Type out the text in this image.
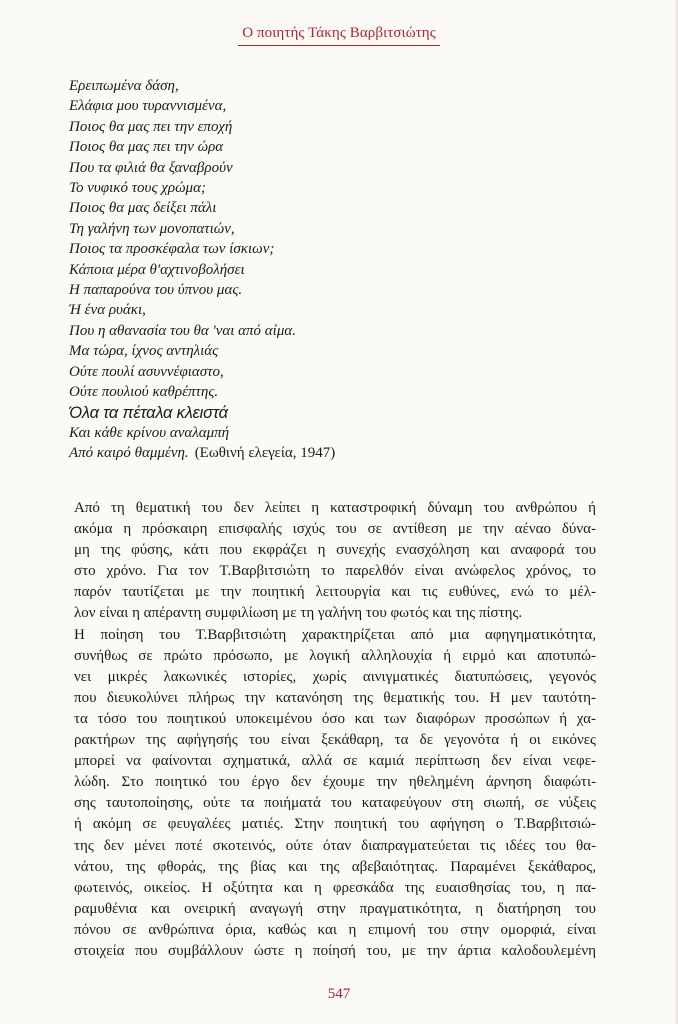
Ο ποιητής Τάκης Βαρβιτσιώτης
Ερειπωμένα δάση,
Ελάφια μου τυραννισμένα,
Ποιος θα μας πει την εποχή
Ποιος θα μας πει την ώρα
Που τα φιλιά θα ξαναβρούν
Το νυφικό τους χρώμα;
Ποιος θα μας δείξει πάλι
Τη γαλήνη των μονοπατιών,
Ποιος τα προσκέφαλα των ίσκιων;
Κάποια μέρα θ'αχτινοβολήσει
Η παπαρούνα του ύπνου μας.
Ή ένα ρυάκι,
Που η αθανασία του θα 'ναι από αίμα.
Μα τώρα, ίχνος αντηλιάς
Ούτε πουλί ασυννέφιαστο,
Ούτε πουλιού καθρέπτης.
Όλα τα πέταλα κλειστά
Και κάθε κρίνου αναλαμπή
Από καιρό θαμμένη. (Εωθινή ελεγεία, 1947)
Από τη θεματική του δεν λείπει η καταστροφική δύναμη του ανθρώπου ή
ακόμα η πρόσκαιρη επισφαλής ισχύς του σε αντίθεση με την αέναο δύνα-
μη της φύσης, κάτι που εκφράζει η συνεχής ενασχόληση και αναφορά του
στο χρόνο. Για τον Τ.Βαρβιτσιώτη το παρελθόν είναι ανώφελος χρόνος, το
παρόν ταυτίζεται με την ποιητική λειτουργία και τις ευθύνες, ενώ το μέλ-
λον είναι η απέραντη συμφιλίωση με τη γαλήνη του φωτός και της πίστης.
Η ποίηση του Τ.Βαρβιτσιώτη χαρακτηρίζεται από μια αφηγηματικότητα,
συνήθως σε πρώτο πρόσωπο, με λογική αλληλουχία ή ειρμό και αποτυπώ-
νει μικρές λακωνικές ιστορίες, χωρίς αινιγματικές διατυπώσεις, γεγονός
που διευκολύνει πλήρως την κατανόηση της θεματικής του. Η μεν ταυτότη-
τα τόσο του ποιητικού υποκειμένου όσο και των διαφόρων προσώπων ή χα-
ρακτήρων της αφήγησής του είναι ξεκάθαρη, τα δε γεγονότα ή οι εικόνες
μπορεί να φαίνονται σχηματικά, αλλά σε καμιά περίπτωση δεν είναι νεφε-
λώδη. Στο ποιητικό του έργο δεν έχουμε την ηθελημένη άρνηση διαφώτι-
σης ταυτοποίησης, ούτε τα ποιήματά του καταφεύγουν στη σιωπή, σε νύξεις
ή ακόμη σε φευγαλέες ματιές. Στην ποιητική του αφήγηση ο Τ.Βαρβιτσιώ-
της δεν μένει ποτέ σκοτεινός, ούτε όταν διαπραγματεύεται τις ιδέες του θα-
νάτου, της φθοράς, της βίας και της αβεβαιότητας. Παραμένει ξεκάθαρος,
φωτεινός, οικείος. Η οξύτητα και η φρεσκάδα της ευαισθησίας του, η πα-
ραμυθένια και ονειρική αναγωγή στην πραγματικότητα, η διατήρηση του
πόνου σε ανθρώπινα όρια, καθώς και η επιμονή του στην ομορφιά, είναι
στοιχεία που συμβάλλουν ώστε η ποίησή του, με την άρτια καλοδουλεμένη
547
